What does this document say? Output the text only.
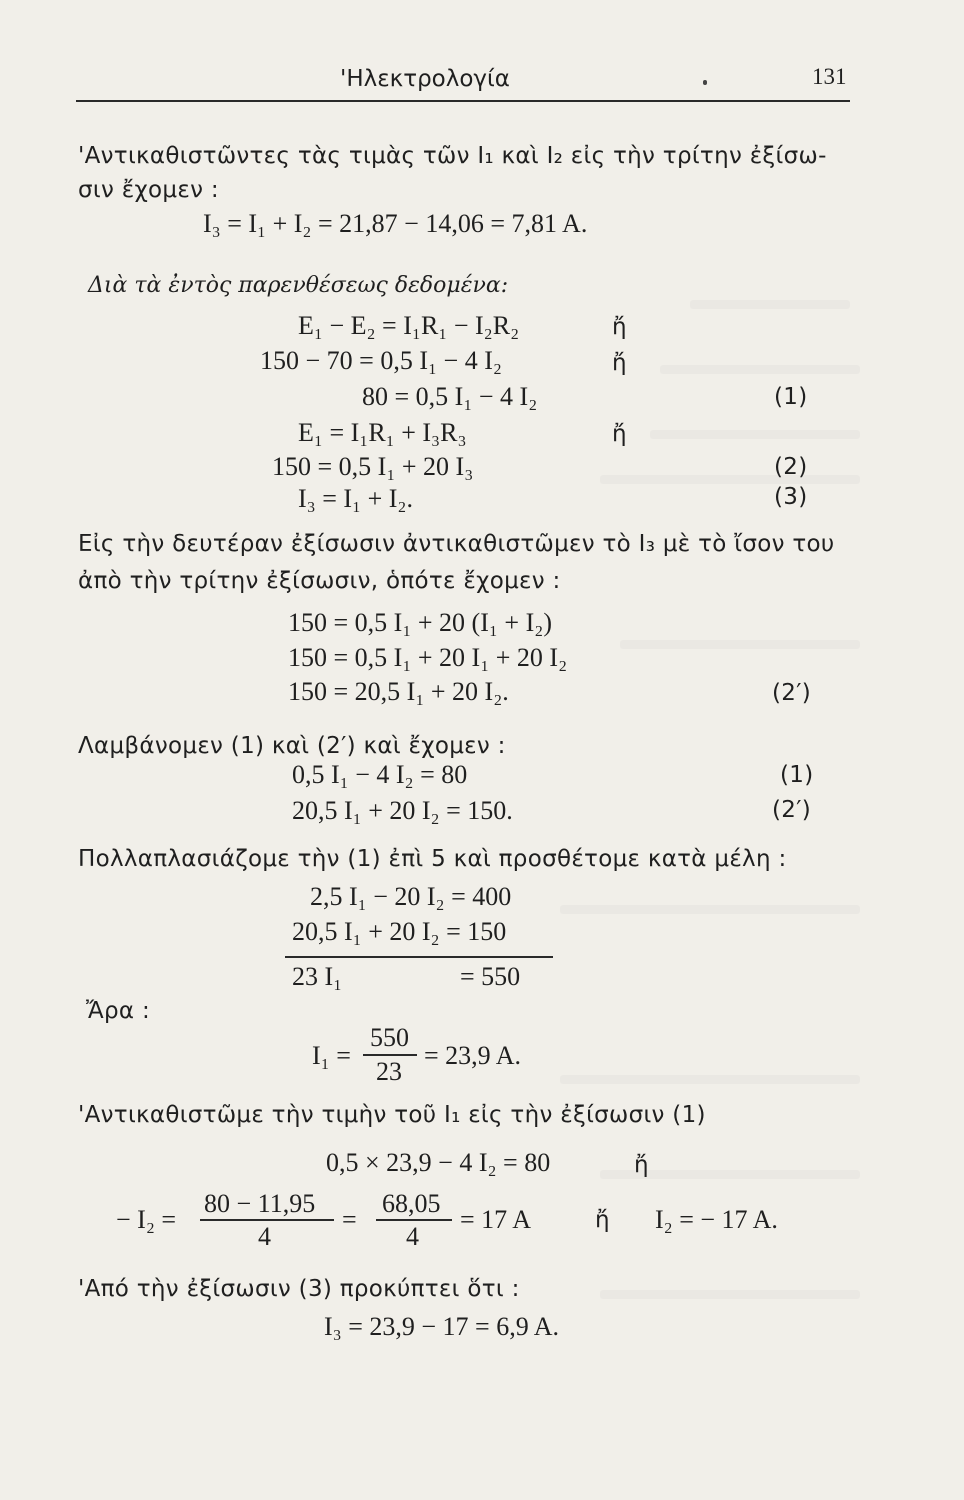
'Ηλεκτρολογία	131
'Αντικαθιστῶντες τὰς τιμὰς τῶν I₁ καὶ I₂ εἰς τὴν τρίτην ἐξίσω-
σιν ἔχομεν :
I₃ = I₁ + I₂ = 21,87 − 14,06 = 7,81 A.
Διὰ τὰ ἐντὸς παρενθέσεως δεδομένα:
E₁ − E₂ = I₁R₁ − I₂R₂	ἤ
150 − 70 = 0,5 I₁ − 4 I₂	ἤ
80 = 0,5 I₁ − 4 I₂	(1)
E₁ = I₁R₁ + I₃R₃	ἤ
150 = 0,5 I₁ + 20 I₃	(2)
I₃ = I₁ + I₂.	(3)
Εἰς τὴν δευτέραν ἐξίσωσιν ἀντικαθιστῶμεν τὸ I₃ μὲ τὸ ἴσον του
ἀπὸ τὴν τρίτην ἐξίσωσιν, ὁπότε ἔχομεν :
150 = 0,5 I₁ + 20 (I₁ + I₂)
150 = 0,5 I₁ + 20 I₁ + 20 I₂
150 = 20,5 I₁ + 20 I₂.	(2′)
Λαμβάνομεν (1) καὶ (2′) καὶ ἔχομεν :
0,5 I₁ − 4 I₂ = 80	(1)
20,5 I₁ + 20 I₂ = 150.	(2′)
Πολλαπλασιάζομε τὴν (1) ἐπὶ 5 καὶ προσθέτομε κατὰ μέλη :
2,5 I₁ − 20 I₂ = 400
20,5 I₁ + 20 I₂ = 150
23 I₁	= 550
Ἄρα :
I₁ =
550
23
= 23,9 A.
'Αντικαθιστῶμε τὴν τιμὴν τοῦ I₁ εἰς τὴν ἐξίσωσιν (1)
0,5 × 23,9 − 4 I₂ = 80	ἤ
− I₂ =
80 − 11,95
4
=
68,05
4
= 17 A	ἤ I₂ = − 17 A.
'Από τὴν ἐξίσωσιν (3) προκύπτει ὅτι :
I₃ = 23,9 − 17 = 6,9 A.
